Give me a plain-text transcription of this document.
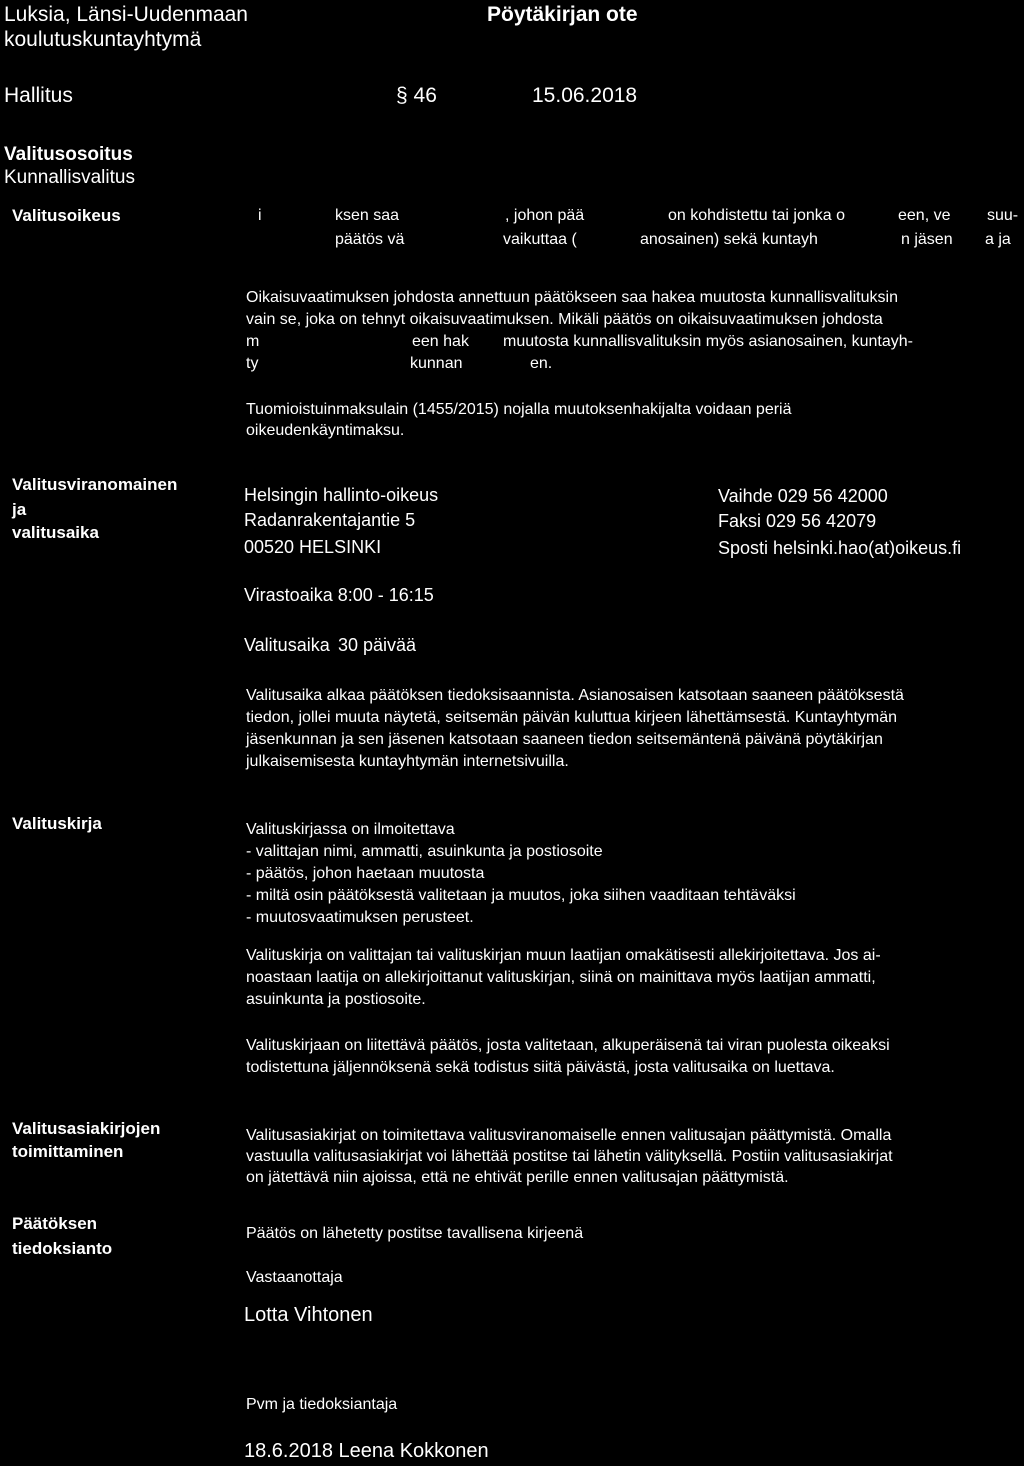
Luksia, Länsi-Uudenmaan
koulutuskuntayhtymä
Pöytäkirjan ote
Hallitus	§ 46	15.06.2018
Valitusosoitus
Kunnallisvalitus
Valitusoikeus	i	ksen saa	, johon pää	on kohdistettu tai jonka o	een, ve suu-
päätös vä	vaikuttaa (	anosainen) sekä kuntayh	n jäsen a ja
Oikaisuvaatimuksen johdosta annettuun päätökseen saa hakea muutosta kunnallisvalituksin
vain se, joka on tehnyt oikaisuvaatimuksen. Mikäli päätös on oikaisuvaatimuksen johdosta
m	een hak muutosta kunnallisvalituksin myös asianosainen, kuntayh-
ty	kunnan	en.
Tuomioistuinmaksulain (1455/2015) nojalla muutoksenhakijalta voidaan periä
oikeudenkäyntimaksu.
Valitusviranomainen
ja
valitusaika
Helsingin hallinto-oikeus
Radanrakentajantie 5
00520 HELSINKI
Vaihde 029 56 42000
Faksi 029 56 42079
Sposti helsinki.hao(at)oikeus.fi
Virastoaika 8:00 - 16:15
Valitusaika 30 päivää
Valitusaika alkaa päätöksen tiedoksisaannista. Asianosaisen katsotaan saaneen päätöksestä
tiedon, jollei muuta näytetä, seitsemän päivän kuluttua kirjeen lähettämsestä. Kuntayhtymän
jäsenkunnan ja sen jäsenen katsotaan saaneen tiedon seitsemäntenä päivänä pöytäkirjan
julkaisemisesta kuntayhtymän internetsivuilla.
Valituskirja	Valituskirjassa on ilmoitettava
- valittajan nimi, ammatti, asuinkunta ja postiosoite
- päätös, johon haetaan muutosta
- miltä osin päätöksestä valitetaan ja muutos, joka siihen vaaditaan tehtäväksi
- muutosvaatimuksen perusteet.
Valituskirja on valittajan tai valituskirjan muun laatijan omakätisesti allekirjoitettava. Jos ai-
noastaan laatija on allekirjoittanut valituskirjan, siinä on mainittava myös laatijan ammatti,
asuinkunta ja postiosoite.
Valituskirjaan on liitettävä päätös, josta valitetaan, alkuperäisenä tai viran puolesta oikeaksi
todistettuna jäljennöksenä sekä todistus siitä päivästä, josta valitusaika on luettava.
Valitusasiakirjojen
toimittaminen
Valitusasiakirjat on toimitettava valitusviranomaiselle ennen valitusajan päättymistä. Omalla
vastuulla valitusasiakirjat voi lähettää postitse tai lähetin välityksellä. Postiin valitusasiakirjat
on jätettävä niin ajoissa, että ne ehtivät perille ennen valitusajan päättymistä.
Päätöksen
tiedoksianto
Päätös on lähetetty postitse tavallisena kirjeenä
Vastaanottaja
Lotta Vihtonen
Pvm ja tiedoksiantaja
18.6.2018 Leena Kokkonen
